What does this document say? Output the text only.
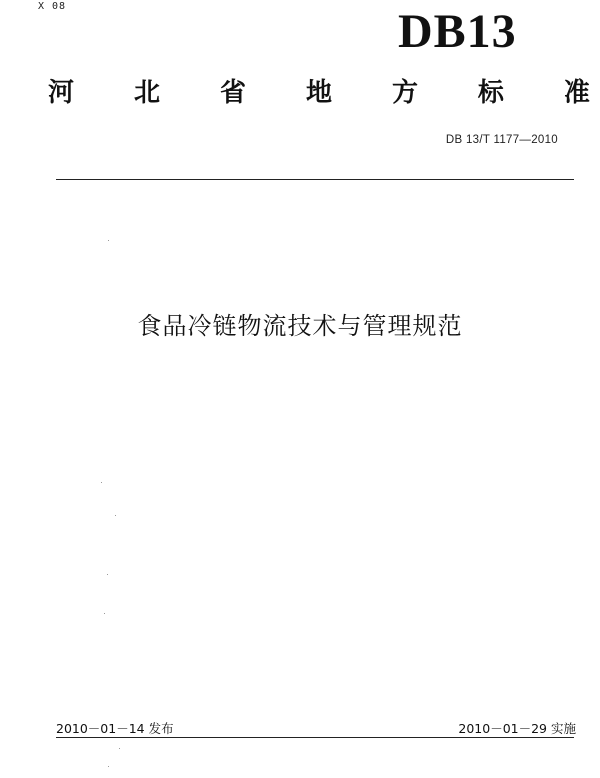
X 08	DB13
河 北 省 地 方 标 准
DB 13/T 1177—2010
食品冷链物流技术与管理规范
2010－01－14 发布	2010－01－29 实施
